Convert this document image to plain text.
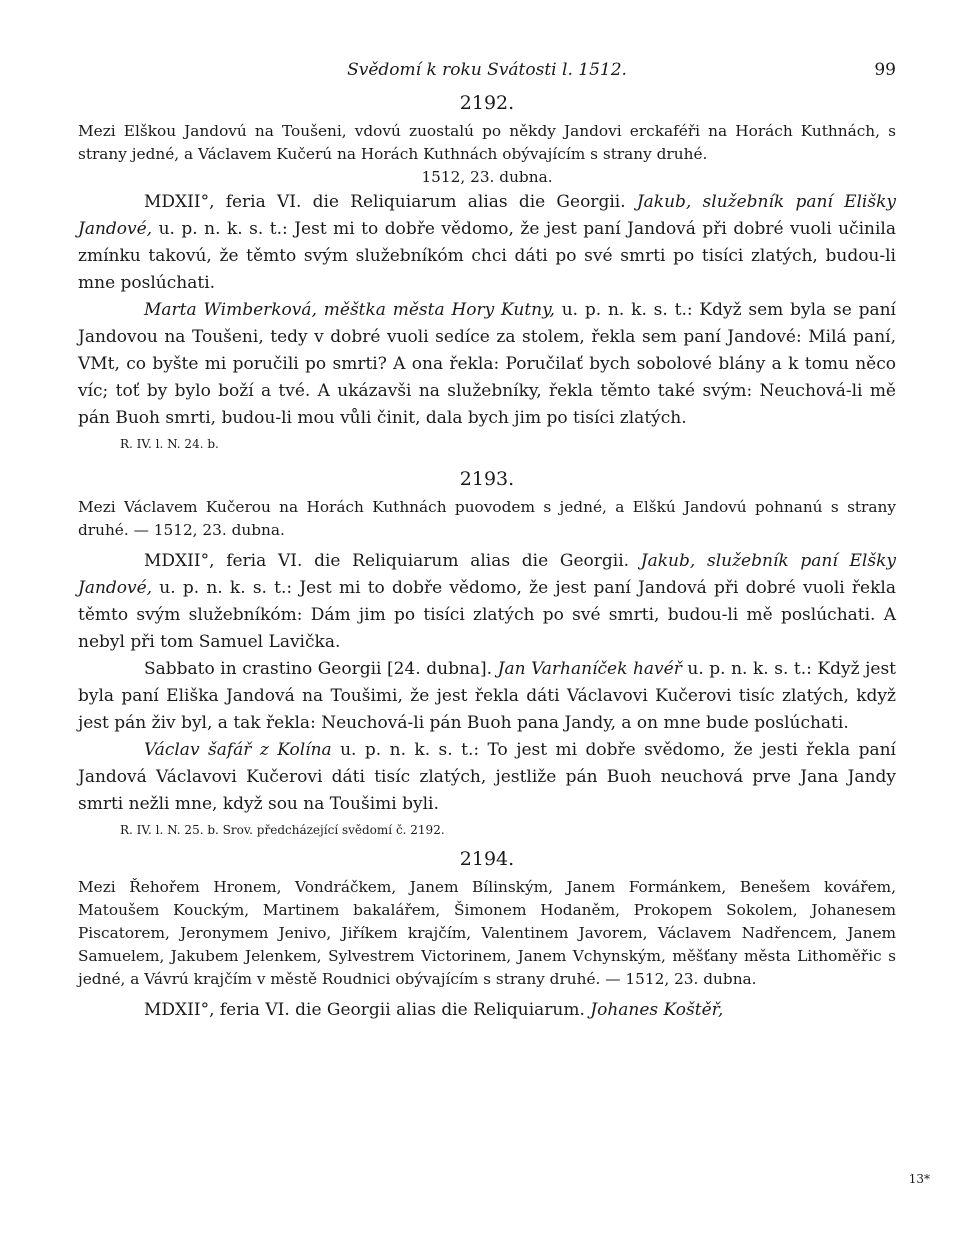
Svědomí k roku Svátosti l. 1512.	99
2192.

Mezi Elškou Jandovú na Toušeni, vdovú zuostalú po někdy Jandovi erckaféři na Horách Kuthnách, s strany jedné, a Václavem Kučerú na Horách Kuthnách obývajícím s strany druhé.

1512, 23. dubna.

MDXII°, feria VI. die Reliquiarum alias die Georgii. Jakub, služebník paní Elišky Jandové, u. p. n. k. s. t.: Jest mi to dobře vědomo, že jest paní Jandová při dobré vuoli učinila zmínku takovú, že těmto svým služebníkóm chci dáti po své smrti po tisíci zlatých, budou-li mne poslúchati.

Marta Wimberková, měštka města Hory Kutny, u. p. n. k. s. t.: Když sem byla se paní Jandovou na Toušeni, tedy v dobré vuoli sedíce za stolem, řekla sem paní Jandové: Milá paní, VMt, co byšte mi poručili po smrti? A ona řekla: Poručilať bych sobolové blány a k tomu něco víc; toť by bylo boží a tvé. A ukázavši na služebníky, řekla těmto také svým: Neuchová-li mě pán Buoh smrti, budou-li mou vůli činit, dala bych jim po tisíci zlatých.

R. IV. l. N. 24. b.
2193.

Mezi Václavem Kučerou na Horách Kuthnách puovodem s jedné, a Elškú Jandovú pohnanú s strany druhé. — 1512, 23. dubna.

MDXII°, feria VI. die Reliquiarum alias die Georgii. Jakub, služebník paní Elšky Jandové, u. p. n. k. s. t.: Jest mi to dobře vědomo, že jest paní Jandová při dobré vuoli řekla těmto svým služebníkóm: Dám jim po tisíci zlatých po své smrti, budou-li mě poslúchati. A nebyl při tom Samuel Lavička.

Sabbato in crastino Georgii [24. dubna]. Jan Varhaníček havéř u. p. n. k. s. t.: Když jest byla paní Eliška Jandová na Toušimi, že jest řekla dáti Václavovi Kučerovi tisíc zlatých, když jest pán živ byl, a tak řekla: Neuchová-li pán Buoh pana Jandy, a on mne bude poslúchati.

Václav šafář z Kolína u. p. n. k. s. t.: To jest mi dobře svědomo, že jesti řekla paní Jandová Václavovi Kučerovi dáti tisíc zlatých, jestliže pán Buoh neuchová prve Jana Jandy smrti nežli mne, když sou na Toušimi byli.

R. IV. l. N. 25. b. Srov. předcházející svědomí č. 2192.
2194.

Mezi Řehořem Hronem, Vondráčkem, Janem Bílinským, Janem Formánkem, Benešem kovářem, Matoušem Kouckým, Martinem bakalářem, Šimonem Hodaněm, Prokopem Sokolem, Johanesem Piscatorem, Jeronymem Jenivo, Jiříkem krajčím, Valentinem Javorem, Václavem Nadřencem, Janem Samuelem, Jakubem Jelenkem, Sylvestrem Victorinem, Janem Vchynským, měšťany města Lithoměřic s jedné, a Vávrú krajčím v městě Roudnici obývajícím s strany druhé. — 1512, 23. dubna.

MDXII°, feria VI. die Georgii alias die Reliquiarum. Johanes Koštěř,

13*
